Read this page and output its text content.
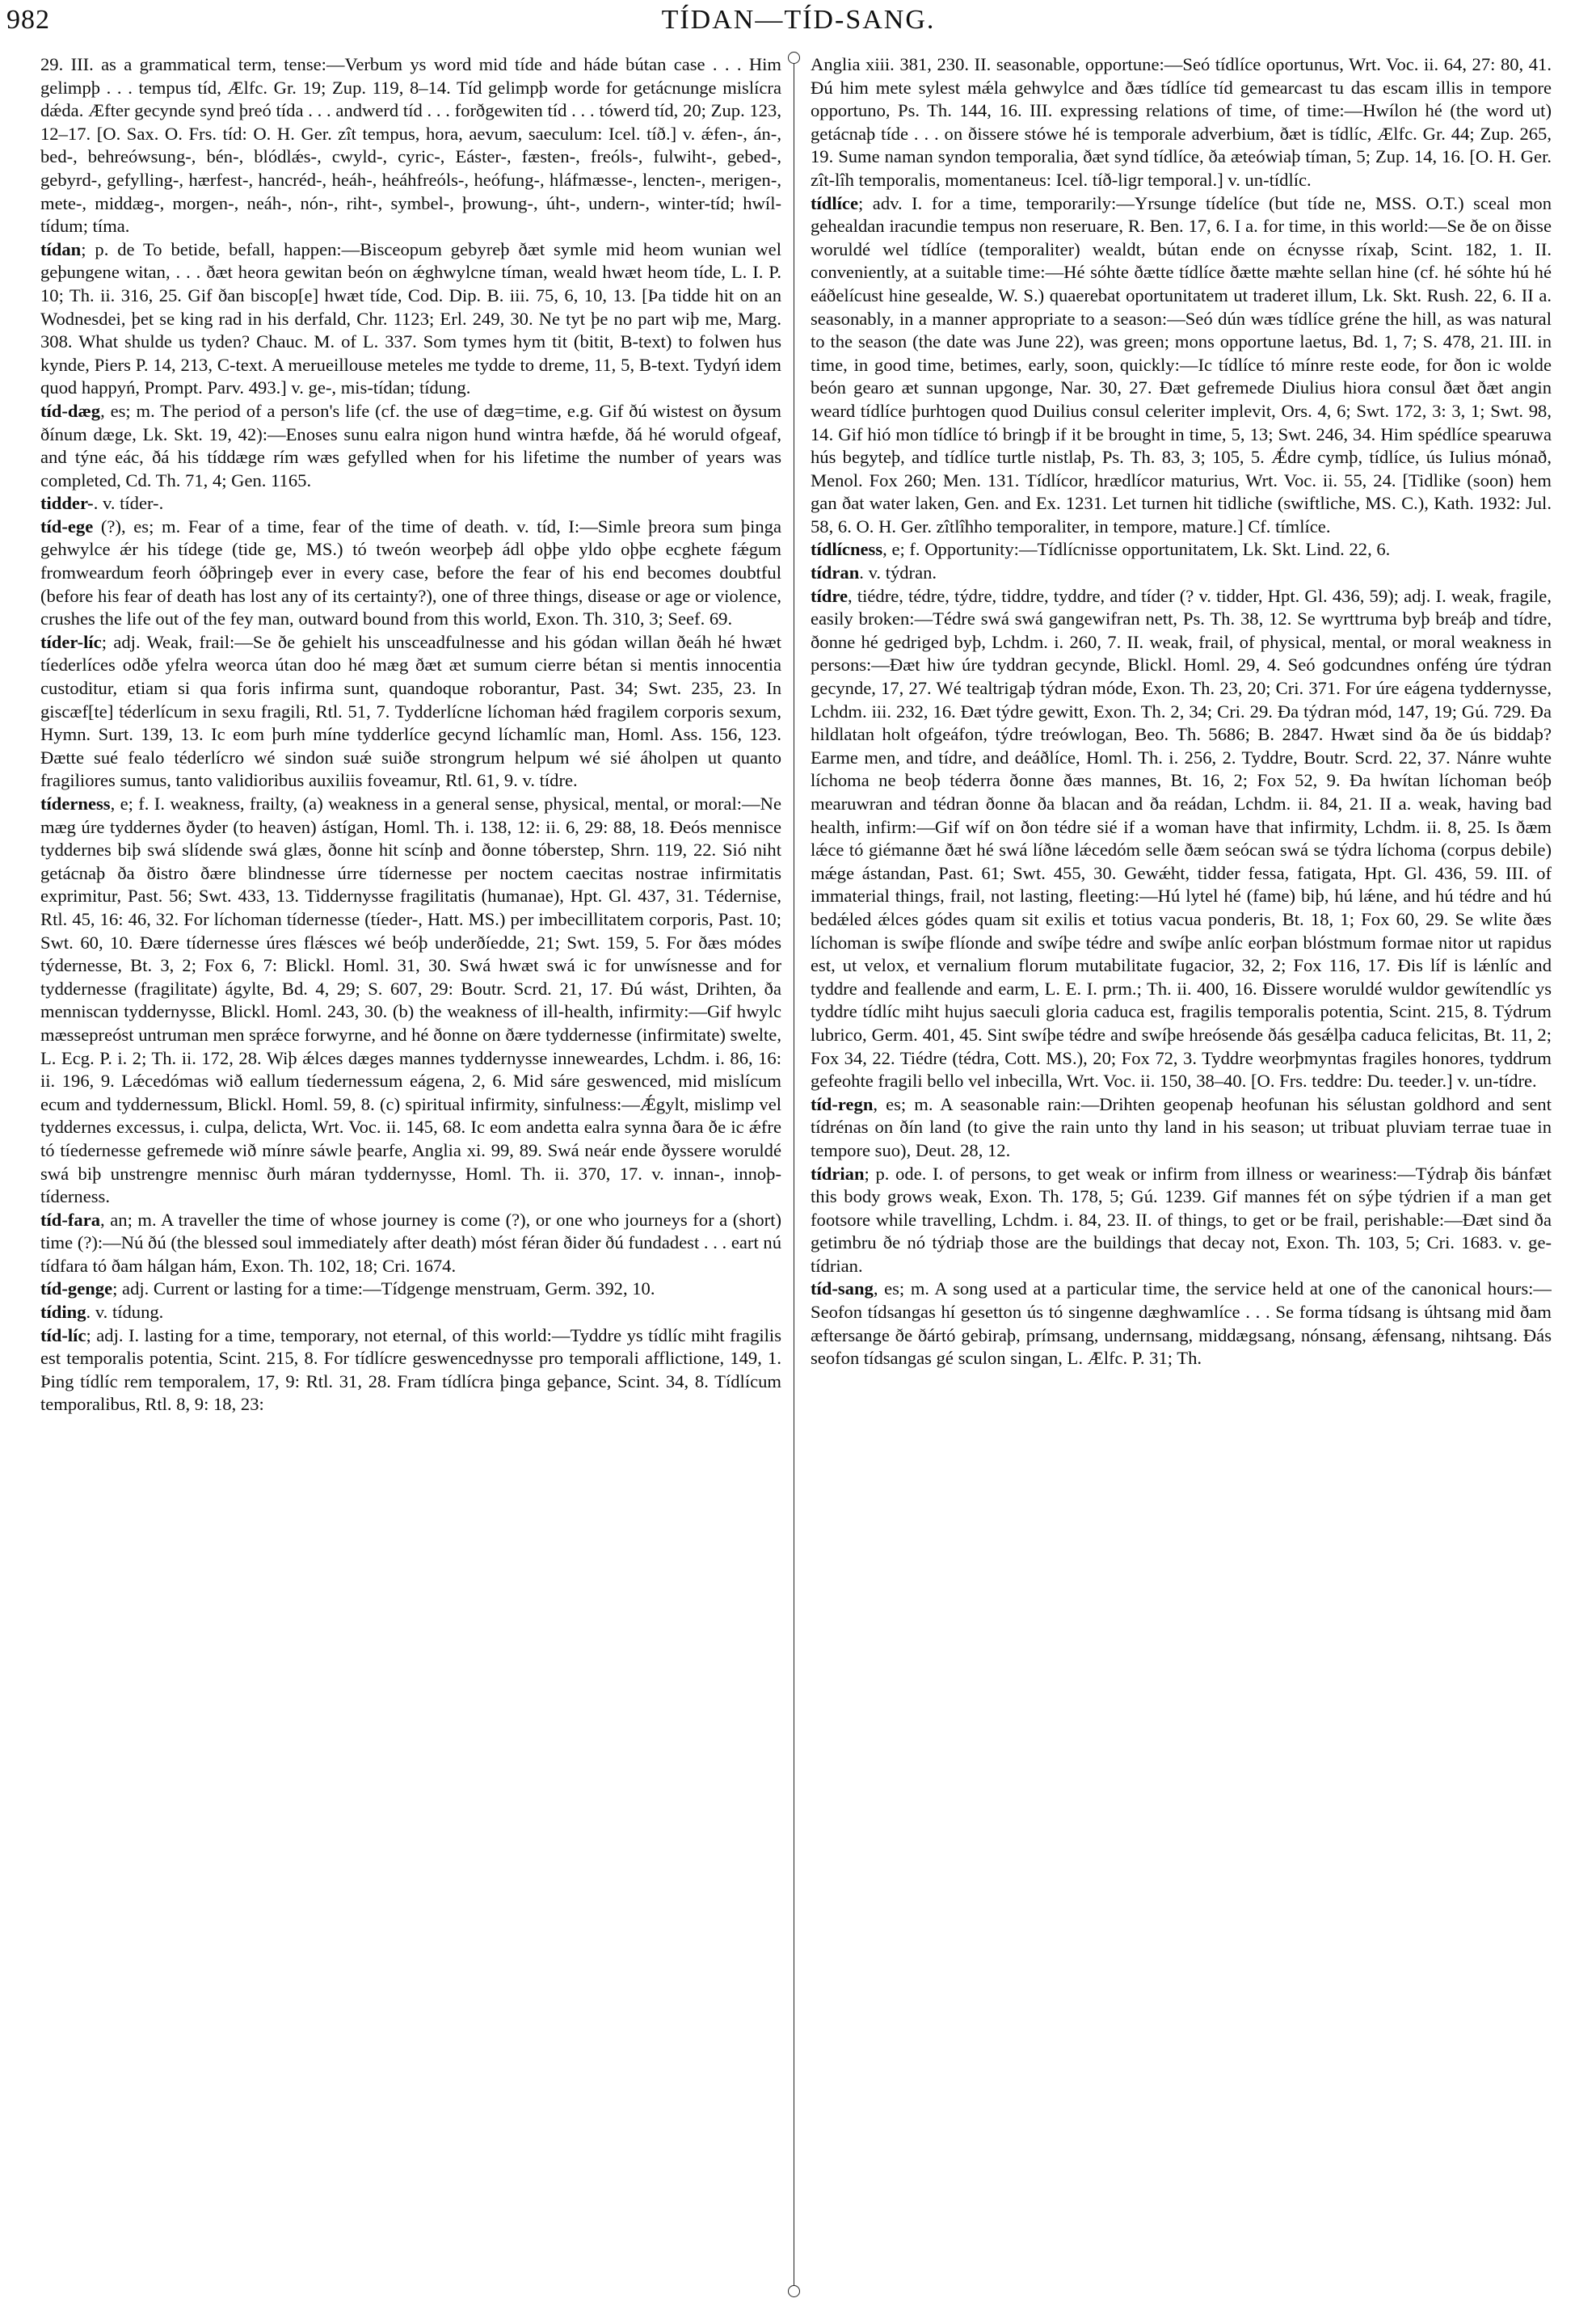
982	TÍDAN—TÍD-SANG.

29. III. as a grammatical term, tense:—Verbum ys word mid tíde and háde bútan case . . . Him gelimpþ . . . tempus tíd, Ælfc. Gr. 19; Zup. 119, 8–14. Tíd gelimpþ worde for getácnunge mislícra dǽda. Æfter gecynde synd þreó tída . . . andwerd tíd . . . forðgewiten tíd . . . tówerd tíd, 20; Zup. 123, 12–17. [O. Sax. O. Frs. tíd: O. H. Ger. zît tempus, hora, aevum, saeculum: Icel. tíð.] v. ǽfen-, án-, bed-, behreówsung-, bén-, blódlǽs-, cwyld-, cyric-, Eáster-, fæsten-, freóls-, fulwiht-, gebed-, gebyrd-, gefylling-, hærfest-, hancréd-, heáh-, heáhfreóls-, heófung-, hláfmæsse-, lencten-, merigen-, mete-, middæg-, morgen-, neáh-, nón-, riht-, symbel-, þrowung-, úht-, undern-, winter-tíd; hwíl-tídum; tíma.

tídan; p. de To betide, befall, happen:—Bisceopum gebyreþ ðæt symle mid heom wunian wel geþungene witan, . . . ðæt heora gewitan beón on ǽghwylcne tíman, weald hwæt heom tíde, L. I. P. 10; Th. ii. 316, 25. Gif ðan biscop[e] hwæt tíde, Cod. Dip. B. iii. 75, 6, 10, 13. [Þa tidde hit on an Wodnesdei, þet se king rad in his derfald, Chr. 1123; Erl. 249, 30. Ne tyt þe no part wiþ me, Marg. 308. What shulde us tyden? Chauc. M. of L. 337. Som tymes hym tit (bitit, B-text) to folwen hus kynde, Piers P. 14, 213, C-text. A merueillouse meteles me tydde to dreme, 11, 5, B-text. Tydyń idem quod happyń, Prompt. Parv. 493.] v. ge-, mis-tídan; tídung.

tíd-dæg, es; m. The period of a person's life (cf. the use of dæg=time, e.g. Gif ðú wistest on ðysum ðínum dæge, Lk. Skt. 19, 42):—Enoses sunu ealra nigon hund wintra hæfde, ðá hé woruld ofgeaf, and týne eác, ðá his tíddæge rím wæs gefylled when for his lifetime the number of years was completed, Cd. Th. 71, 4; Gen. 1165.

tidder-. v. tíder-.

tíd-ege (?), es; m. Fear of a time, fear of the time of death. v. tíd, I:—Simle þreora sum þinga gehwylce ǽr his tídege (tide ge, MS.) tó tweón weorþeþ ádl oþþe yldo oþþe ecghete fǽgum fromweardum feorh óðþringeþ ever in every case, before the fear of his end becomes doubtful (before his fear of death has lost any of its certainty?), one of three things, disease or age or violence, crushes the life out of the fey man, outward bound from this world, Exon. Th. 310, 3; Seef. 69.

tíder-líc; adj. Weak, frail:—Se ðe gehielt his unsceadfulnesse and his gódan willan ðeáh hé hwæt tíederlíces odðe yfelra weorca útan doo hé mæg ðæt æt sumum cierre bétan si mentis innocentia custoditur, etiam si qua foris infirma sunt, quandoque roborantur, Past. 34; Swt. 235, 23. In giscæf[te] téderlícum in sexu fragili, Rtl. 51, 7. Tydderlícne líchoman hǽd fragilem corporis sexum, Hymn. Surt. 139, 13. Ic eom þurh míne tydderlíce gecynd líchamlíc man, Homl. Ass. 156, 123. Ðætte sué fealo téderlícro wé sindon suǽ suiðe strongrum helpum wé sié áholpen ut quanto fragiliores sumus, tanto validioribus auxiliis foveamur, Rtl. 61, 9. v. tídre.

tíderness, e; f. I. weakness, frailty, (a) weakness in a general sense, physical, mental, or moral:—Ne mæg úre tyddernes ðyder (to heaven) ástígan, Homl. Th. i. 138, 12: ii. 6, 29: 88, 18. Ðeós mennisce tyddernes biþ swá slídende swá glæs, ðonne hit scínþ and ðonne tóberstep, Shrn. 119, 22. Sió niht getácnaþ ða ðistro ðære blindnesse úrre tídernesse per noctem caecitas nostrae infirmitatis exprimitur, Past. 56; Swt. 433, 13. Tiddernysse fragilitatis (humanae), Hpt. Gl. 437, 31. Tédernise, Rtl. 45, 16: 46, 32. For líchoman tídernesse (tíeder-, Hatt. MS.) per imbecillitatem corporis, Past. 10; Swt. 60, 10. Ðære tídernesse úres flǽsces wé beóþ underðíedde, 21; Swt. 159, 5. For ðæs módes týdernesse, Bt. 3, 2; Fox 6, 7: Blickl. Homl. 31, 30. Swá hwæt swá ic for unwísnesse and for tyddernesse (fragilitate) ágylte, Bd. 4, 29; S. 607, 29: Boutr. Scrd. 21, 17. Ðú wást, Drihten, ða menniscan tyddernysse, Blickl. Homl. 243, 30. (b) the weakness of ill-health, infirmity:—Gif hwylc mæssepreóst untruman men sprǽce forwyrne, and hé ðonne on ðære tyddernesse (infirmitate) swelte, L. Ecg. P. i. 2; Th. ii. 172, 28. Wiþ ǽlces dæges mannes tyddernysse inneweardes, Lchdm. i. 86, 16: ii. 196, 9. Lǽcedómas wið eallum tíedernessum eágena, 2, 6. Mid sáre geswenced, mid mislícum ecum and tyddernessum, Blickl. Homl. 59, 8. (c) spiritual infirmity, sinfulness:—Ǽgylt, mislimp vel tyddernes excessus, i. culpa, delicta, Wrt. Voc. ii. 145, 68. Ic eom andetta ealra synna ðara ðe ic ǽfre tó tíedernesse gefremede wið mínre sáwle þearfe, Anglia xi. 99, 89. Swá neár ende ðyssere woruldé swá biþ unstrengre mennisc ðurh máran tyddernysse, Homl. Th. ii. 370, 17. v. innan-, innoþ-tíderness.

tíd-fara, an; m. A traveller the time of whose journey is come (?), or one who journeys for a (short) time (?):—Nú ðú (the blessed soul immediately after death) móst féran ðider ðú fundadest . . . eart nú tídfara tó ðam hálgan hám, Exon. Th. 102, 18; Cri. 1674.

tíd-genge; adj. Current or lasting for a time:—Tídgenge menstruam, Germ. 392, 10.

tíding. v. tídung.

tíd-líc; adj. I. lasting for a time, temporary, not eternal, of this world:—Tyddre ys tídlíc miht fragilis est temporalis potentia, Scint. 215, 8. For tídlícre geswencednysse pro temporali afflictione, 149, 1. Þing tídlíc rem temporalem, 17, 9: Rtl. 31, 28. Fram tídlícra þinga geþance, Scint. 34, 8. Tídlícum temporalibus, Rtl. 8, 9: 18, 23:

Anglia xiii. 381, 230. II. seasonable, opportune:—Seó tídlíce oportunus, Wrt. Voc. ii. 64, 27: 80, 41. Ðú him mete sylest mǽla gehwylce and ðæs tídlíce tíd gemearcast tu das escam illis in tempore opportuno, Ps. Th. 144, 16. III. expressing relations of time, of time:—Hwílon hé (the word ut) getácnaþ tíde . . . on ðissere stówe hé is temporale adverbium, ðæt is tídlíc, Ælfc. Gr. 44; Zup. 265, 19. Sume naman syndon temporalia, ðæt synd tídlíce, ða æteówiaþ tíman, 5; Zup. 14, 16. [O. H. Ger. zît-lîh temporalis, momentaneus: Icel. tíð-ligr temporal.] v. un-tídlíc.

tídlíce; adv. I. for a time, temporarily:—Yrsunge tídelíce (but tíde ne, MSS. O.T.) sceal mon gehealdan iracundie tempus non reseruare, R. Ben. 17, 6. I a. for time, in this world:—Se ðe on ðisse woruldé wel tídlíce (temporaliter) wealdt, bútan ende on écnysse ríxaþ, Scint. 182, 1. II. conveniently, at a suitable time:—Hé sóhte ðætte tídlíce ðætte mæhte sellan hine (cf. hé sóhte hú hé eáðelícust hine gesealde, W. S.) quaerebat oportunitatem ut traderet illum, Lk. Skt. Rush. 22, 6. II a. seasonably, in a manner appropriate to a season:—Seó dún wæs tídlíce gréne the hill, as was natural to the season (the date was June 22), was green; mons opportune laetus, Bd. 1, 7; S. 478, 21. III. in time, in good time, betimes, early, soon, quickly:—Ic tídlíce tó mínre reste eode, for ðon ic wolde beón gearo æt sunnan upgonge, Nar. 30, 27. Ðæt gefremede Diulius hiora consul ðæt ðæt angin weard tídlíce þurhtogen quod Duilius consul celeriter implevit, Ors. 4, 6; Swt. 172, 3: 3, 1; Swt. 98, 14. Gif hió mon tídlíce tó bringþ if it be brought in time, 5, 13; Swt. 246, 34. Him spédlíce spearuwa hús begyteþ, and tídlíce turtle nistlaþ, Ps. Th. 83, 3; 105, 5. Ǽdre cymþ, tídlíce, ús Iulius mónað, Menol. Fox 260; Men. 131. Tídlícor, hrædlícor maturius, Wrt. Voc. ii. 55, 24. [Tidlike (soon) hem gan ðat water laken, Gen. and Ex. 1231. Let turnen hit tidliche (swiftliche, MS. C.), Kath. 1932: Jul. 58, 6. O. H. Ger. zîtlîhho temporaliter, in tempore, mature.] Cf. tímlíce.

tídlícness, e; f. Opportunity:—Tídlícnisse opportunitatem, Lk. Skt. Lind. 22, 6.

tídran. v. týdran.

tídre, tiédre, tédre, týdre, tiddre, tyddre, and tíder (? v. tidder, Hpt. Gl. 436, 59); adj. I. weak, fragile, easily broken:—Tédre swá swá gangewifran nett, Ps. Th. 38, 12. Se wyrttruma byþ breáþ and tídre, ðonne hé gedriged byþ, Lchdm. i. 260, 7. II. weak, frail, of physical, mental, or moral weakness in persons:—Ðæt hiw úre tyddran gecynde, Blickl. Homl. 29, 4. Seó godcundnes onféng úre týdran gecynde, 17, 27. Wé tealtrigaþ týdran móde, Exon. Th. 23, 20; Cri. 371. For úre eágena tyddernysse, Lchdm. iii. 232, 16. Ðæt týdre gewitt, Exon. Th. 2, 34; Cri. 29. Ða týdran mód, 147, 19; Gú. 729. Ða hildlatan holt ofgeáfon, týdre treówlogan, Beo. Th. 5686; B. 2847. Hwæt sind ða ðe ús biddaþ? Earme men, and tídre, and deáðlíce, Homl. Th. i. 256, 2. Tyddre, Boutr. Scrd. 22, 37. Nánre wuhte líchoma ne beoþ téderra ðonne ðæs mannes, Bt. 16, 2; Fox 52, 9. Ða hwítan líchoman beóþ mearuwran and tédran ðonne ða blacan and ða reádan, Lchdm. ii. 84, 21. II a. weak, having bad health, infirm:—Gif wíf on ðon tédre sié if a woman have that infirmity, Lchdm. ii. 8, 25. Is ðæm lǽce tó giémanne ðæt hé swá líðne lǽcedóm selle ðæm seócan swá se týdra líchoma (corpus debile) mǽge ástandan, Past. 61; Swt. 455, 30. Gewǽht, tidder fessa, fatigata, Hpt. Gl. 436, 59. III. of immaterial things, frail, not lasting, fleeting:—Hú lytel hé (fame) biþ, hú lǽne, and hú tédre and hú bedǽled ǽlces gódes quam sit exilis et totius vacua ponderis, Bt. 18, 1; Fox 60, 29. Se wlite ðæs líchoman is swíþe flíonde and swíþe tédre and swíþe anlíc eorþan blóstmum formae nitor ut rapidus est, ut velox, et vernalium florum mutabilitate fugacior, 32, 2; Fox 116, 17. Ðis líf is lǽnlíc and tyddre and feallende and earm, L. E. I. prm.; Th. ii. 400, 16. Ðissere woruldé wuldor gewítendlíc ys tyddre tídlíc miht hujus saeculi gloria caduca est, fragilis temporalis potentia, Scint. 215, 8. Týdrum lubrico, Germ. 401, 45. Sint swíþe tédre and swíþe hreósende ðás gesǽlþa caduca felicitas, Bt. 11, 2; Fox 34, 22. Tiédre (tédra, Cott. MS.), 20; Fox 72, 3. Tyddre weorþmyntas fragiles honores, tyddrum gefeohte fragili bello vel inbecilla, Wrt. Voc. ii. 150, 38–40. [O. Frs. teddre: Du. teeder.] v. un-tídre.

tíd-regn, es; m. A seasonable rain:—Drihten geopenaþ heofunan his sélustan goldhord and sent tídrénas on ðín land (to give the rain unto thy land in his season; ut tribuat pluviam terrae tuae in tempore suo), Deut. 28, 12.

tídrian; p. ode. I. of persons, to get weak or infirm from illness or weariness:—Týdraþ ðis bánfæt this body grows weak, Exon. Th. 178, 5; Gú. 1239. Gif mannes fét on sýþe týdrien if a man get footsore while travelling, Lchdm. i. 84, 23. II. of things, to get or be frail, perishable:—Ðæt sind ða getimbru ðe nó týdriaþ those are the buildings that decay not, Exon. Th. 103, 5; Cri. 1683. v. ge-tídrian.

tíd-sang, es; m. A song used at a particular time, the service held at one of the canonical hours:—Seofon tídsangas hí gesetton ús tó singenne dæghwamlíce . . . Se forma tídsang is úhtsang mid ðam æftersange ðe ðártó gebiraþ, prímsang, undernsang, middægsang, nónsang, ǽfensang, nihtsang. Ðás seofon tídsangas gé sculon singan, L. Ælfc. P. 31; Th.
